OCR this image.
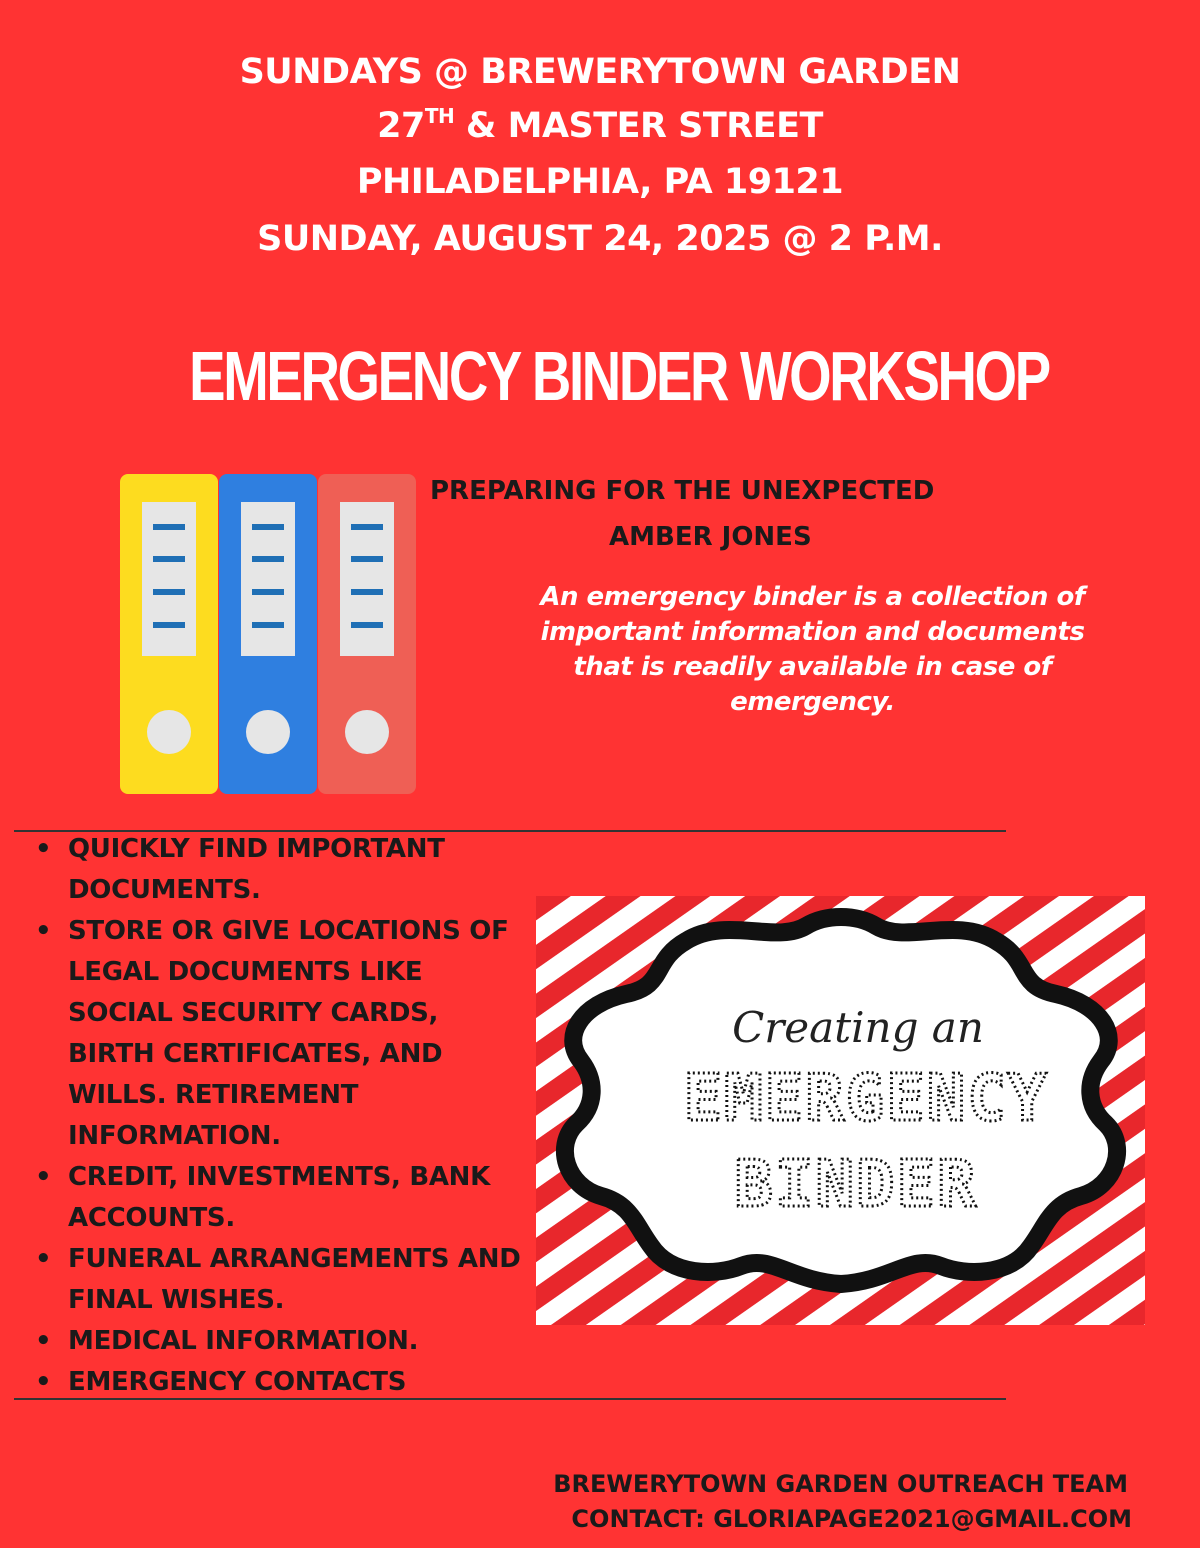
SUNDAYS @ BREWERYTOWN GARDEN
27TH & MASTER STREET
PHILADELPHIA, PA 19121
SUNDAY, AUGUST 24, 2025 @ 2 P.M.
EMERGENCY BINDER WORKSHOP
PREPARING FOR THE UNEXPECTED
AMBER JONES
An emergency binder is a collection of important information and documents that is readily available in case of emergency.
• QUICKLY FIND IMPORTANT DOCUMENTS.
• STORE OR GIVE LOCATIONS OF LEGAL DOCUMENTS LIKE SOCIAL SECURITY CARDS, BIRTH CERTIFICATES, AND WILLS. RETIREMENT INFORMATION.
• CREDIT, INVESTMENTS, BANK ACCOUNTS.
• FUNERAL ARRANGEMENTS AND FINAL WISHES.
• MEDICAL INFORMATION.
• EMERGENCY CONTACTS
Creating an
EMERGENCY
BINDER
BREWERYTOWN GARDEN OUTREACH TEAM
CONTACT: GLORIAPAGE2021@GMAIL.COM
